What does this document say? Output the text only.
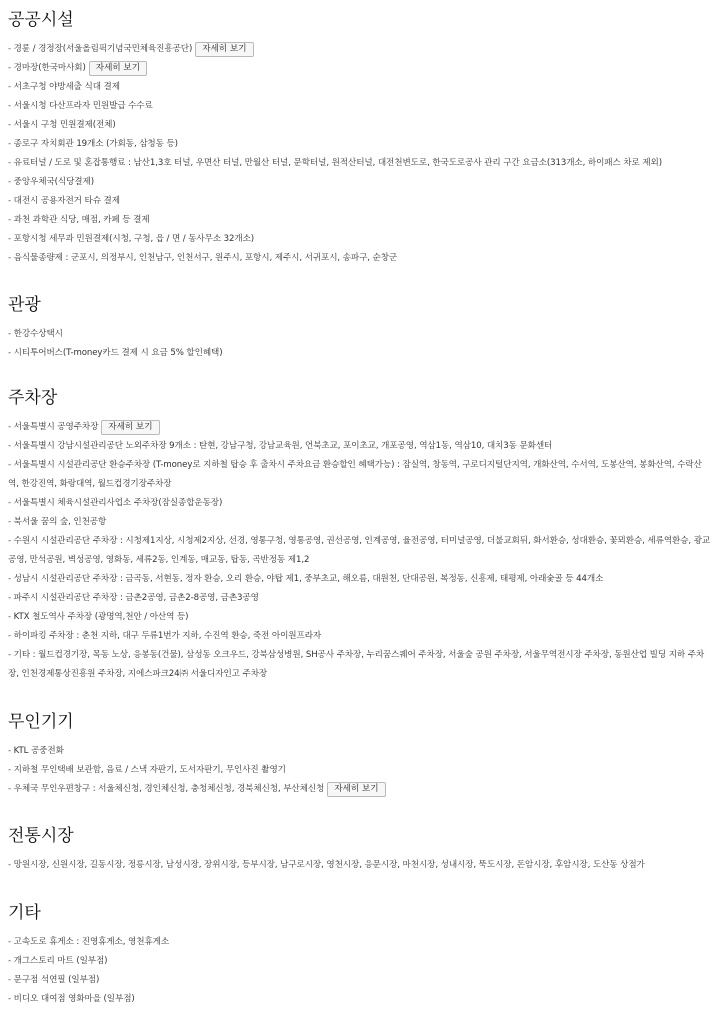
공공시설
- 경륜 / 경정장(서울올림픽기념국민체육진흥공단) 자세히 보기
- 경마장(한국마사회) 자세히 보기
- 서초구청 야방세출 식대 결제
- 서울시청 다산프라자 민원발급 수수료
- 서울시 구청 민원결제(전체)
- 종로구 자치회관 19개소 (가회동, 삼청동 등)
- 유료터널 / 도로 및 혼잡통행료 : 남산1,3호 터널, 우면산 터널, 만월산 터널, 문학터널, 원적산터널, 대전천변도로, 한국도로공사 관리 구간 요금소(313개소, 하이패스 차로 제외)
- 중앙우체국(식당결제)
- 대전시 공용자전거 타슈 결제
- 과천 과학관 식당, 매점, 카페 등 결제
- 포항시청 세무과 민원결제(시청, 구청, 읍 / 면 / 동사무소 32개소)
- 음식물종량제 : 군포시, 의정부시, 인천남구, 인천서구, 원주시, 포항시, 제주시, 서귀포시, 송파구, 순창군
관광
- 한강수상택시
- 시티투어버스(T-money카드 결제 시 요금 5% 할인혜택)
주차장
- 서울특별시 공영주차장 자세히 보기
- 서울특별시 강남시설관리공단 노외주차장 9개소 : 탄현, 강남구청, 강남교육원, 언북초교, 포이초교, 개포공영, 역삼1동, 역삼10, 대치3동 문화센터
- 서울특별시 시설관리공단 환승주차장 (T-money로 지하철 탑승 후 출차시 주차요금 환승할인 혜택가능) : 잠실역, 창동역, 구로디지털단지역, 개화산역, 수서역, 도봉산역, 봉화산역, 수락산역, 한강진역, 화랑대역, 월드컵경기장주차장
- 서울특별시 체육시설관리사업소 주차장(잠실종합운동장)
- 북서울 꿈의 숲, 인천공항
- 수원시 시설관리공단 주차장 : 시청제1지상, 시청제2지상, 선경, 영통구청, 영통공영, 권선공영, 인계공영, 율전공영, 터미널공영, 더불교회뒤, 화서환승, 성대환승, 꽃뫼환승, 세류역환승, 광교공영, 만석공원, 벽성공영, 영화동, 세류2동, 인계동, 매교동, 탑동, 곡반정동 제1,2
- 성남시 시설관리공단 주차장 : 금곡동, 서현동, 정자 환승, 오리 환승, 야탑 제1, 중부초교, 해오름, 대원천, 단대공원, 복정동, 신흥제, 태평제, 아래숯골 등 44개소
- 파주시 시설관리공단 주차장 : 금촌2공영, 금촌2-8공영, 금촌3공영
- KTX 철도역사 주차장 (광명역,천안 / 아산역 등)
- 하이파킹 주차장 : 춘천 지하, 대구 두류1번가 지하, 수진역 환승, 죽전 아이원프라자
- 기타 : 월드컵경기장, 목동 노상, 응봉동(건물), 삼성동 오크우드, 강북삼성병원, SH공사 주차장, 누리꿈스퀘어 주차장, 서울숲 공원 주차장, 서울무역전시장 주차장, 동원산업 빌딩 지하 주차장, 인천경제통상진흥원 주차장, 지에스파크24㈜ 서울디자인고 주차장
무인기기
- KTL 공중전화
- 지하철 무인택배 보관함, 음료 / 스낵 자판기, 도서자판기, 무인사진 촬영기
- 우체국 무인우편창구 : 서울체신청, 경인체신청, 충청체신청, 경북체신청, 부산체신청 자세히 보기
전통시장
- 망원시장, 신원시장, 길동시장, 정릉시장, 남성시장, 장위시장, 등부시장, 남구로시장, 영천시장, 응문시장, 마천시장, 성내시장, 뚝도시장, 돈암시장, 후암시장, 도산동 상점가
기타
- 고속도로 휴게소 : 진영휴게소, 영천휴게소
- 개그스토리 마트 (일부점)
- 문구점 석연필 (일부점)
- 비디오 대여점 영화마을 (일부점)
